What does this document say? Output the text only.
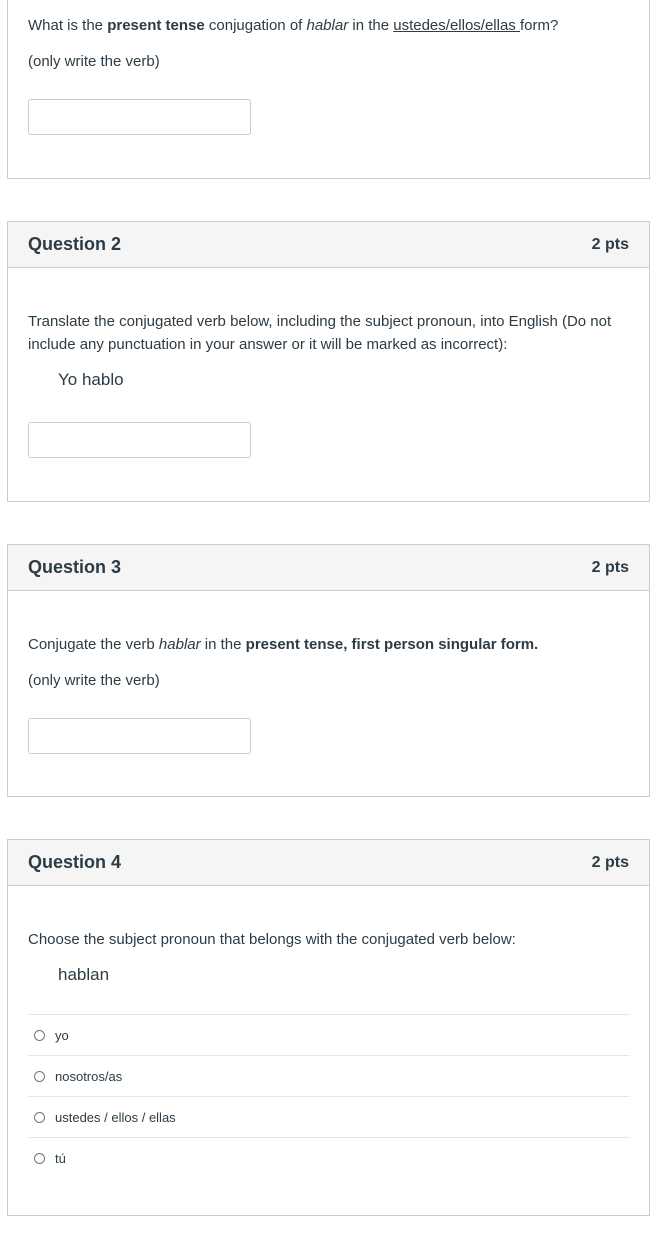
What is the present tense conjugation of hablar in the ustedes/ellos/ellas form?

(only write the verb)

Question 2	2 pts

Translate the conjugated verb below, including the subject pronoun, into English (Do not include any punctuation in your answer or it will be marked as incorrect):

Yo hablo

Question 3	2 pts

Conjugate the verb hablar in the present tense, first person singular form.

(only write the verb)

Question 4	2 pts

Choose the subject pronoun that belongs with the conjugated verb below:

hablan

yo
nosotros/as
ustedes / ellos / ellas
tú
